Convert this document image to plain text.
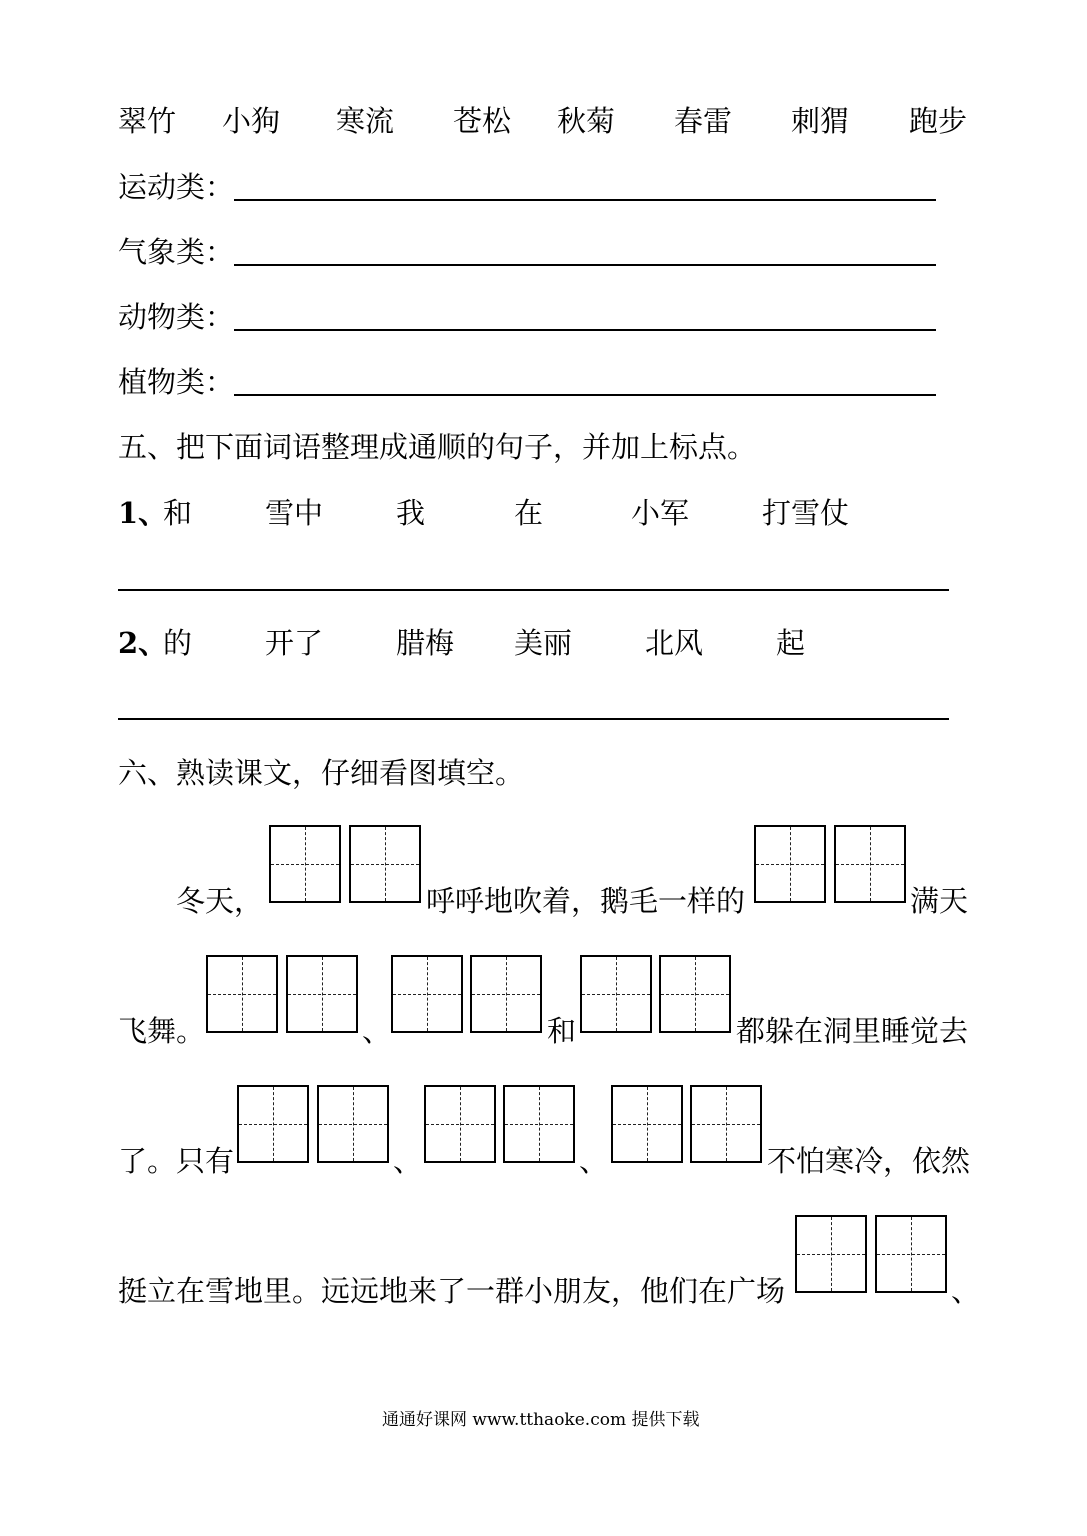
翠竹 小狗 寒流 苍松 秋菊 春雷 刺猬 跑步
运动类：
气象类：
动物类：
植物类：
五、把下面词语整理成通顺的句子，并加上标点。
1、
和	雪中	我	在	小军	打雪仗
2、
的	开了	腊梅 美丽	北风	起
六、熟读课文，仔细看图填空。
冬天，	呼呼地吹着，鹅毛一样的	满天
飞舞。	、	和	都躲在洞里睡觉去
了。只有	、	、	不怕寒冷，依然
挺立在雪地里。远远地来了一群小朋友，他们在广场	、
通通好课网 www.tthaoke.com 提供下载
